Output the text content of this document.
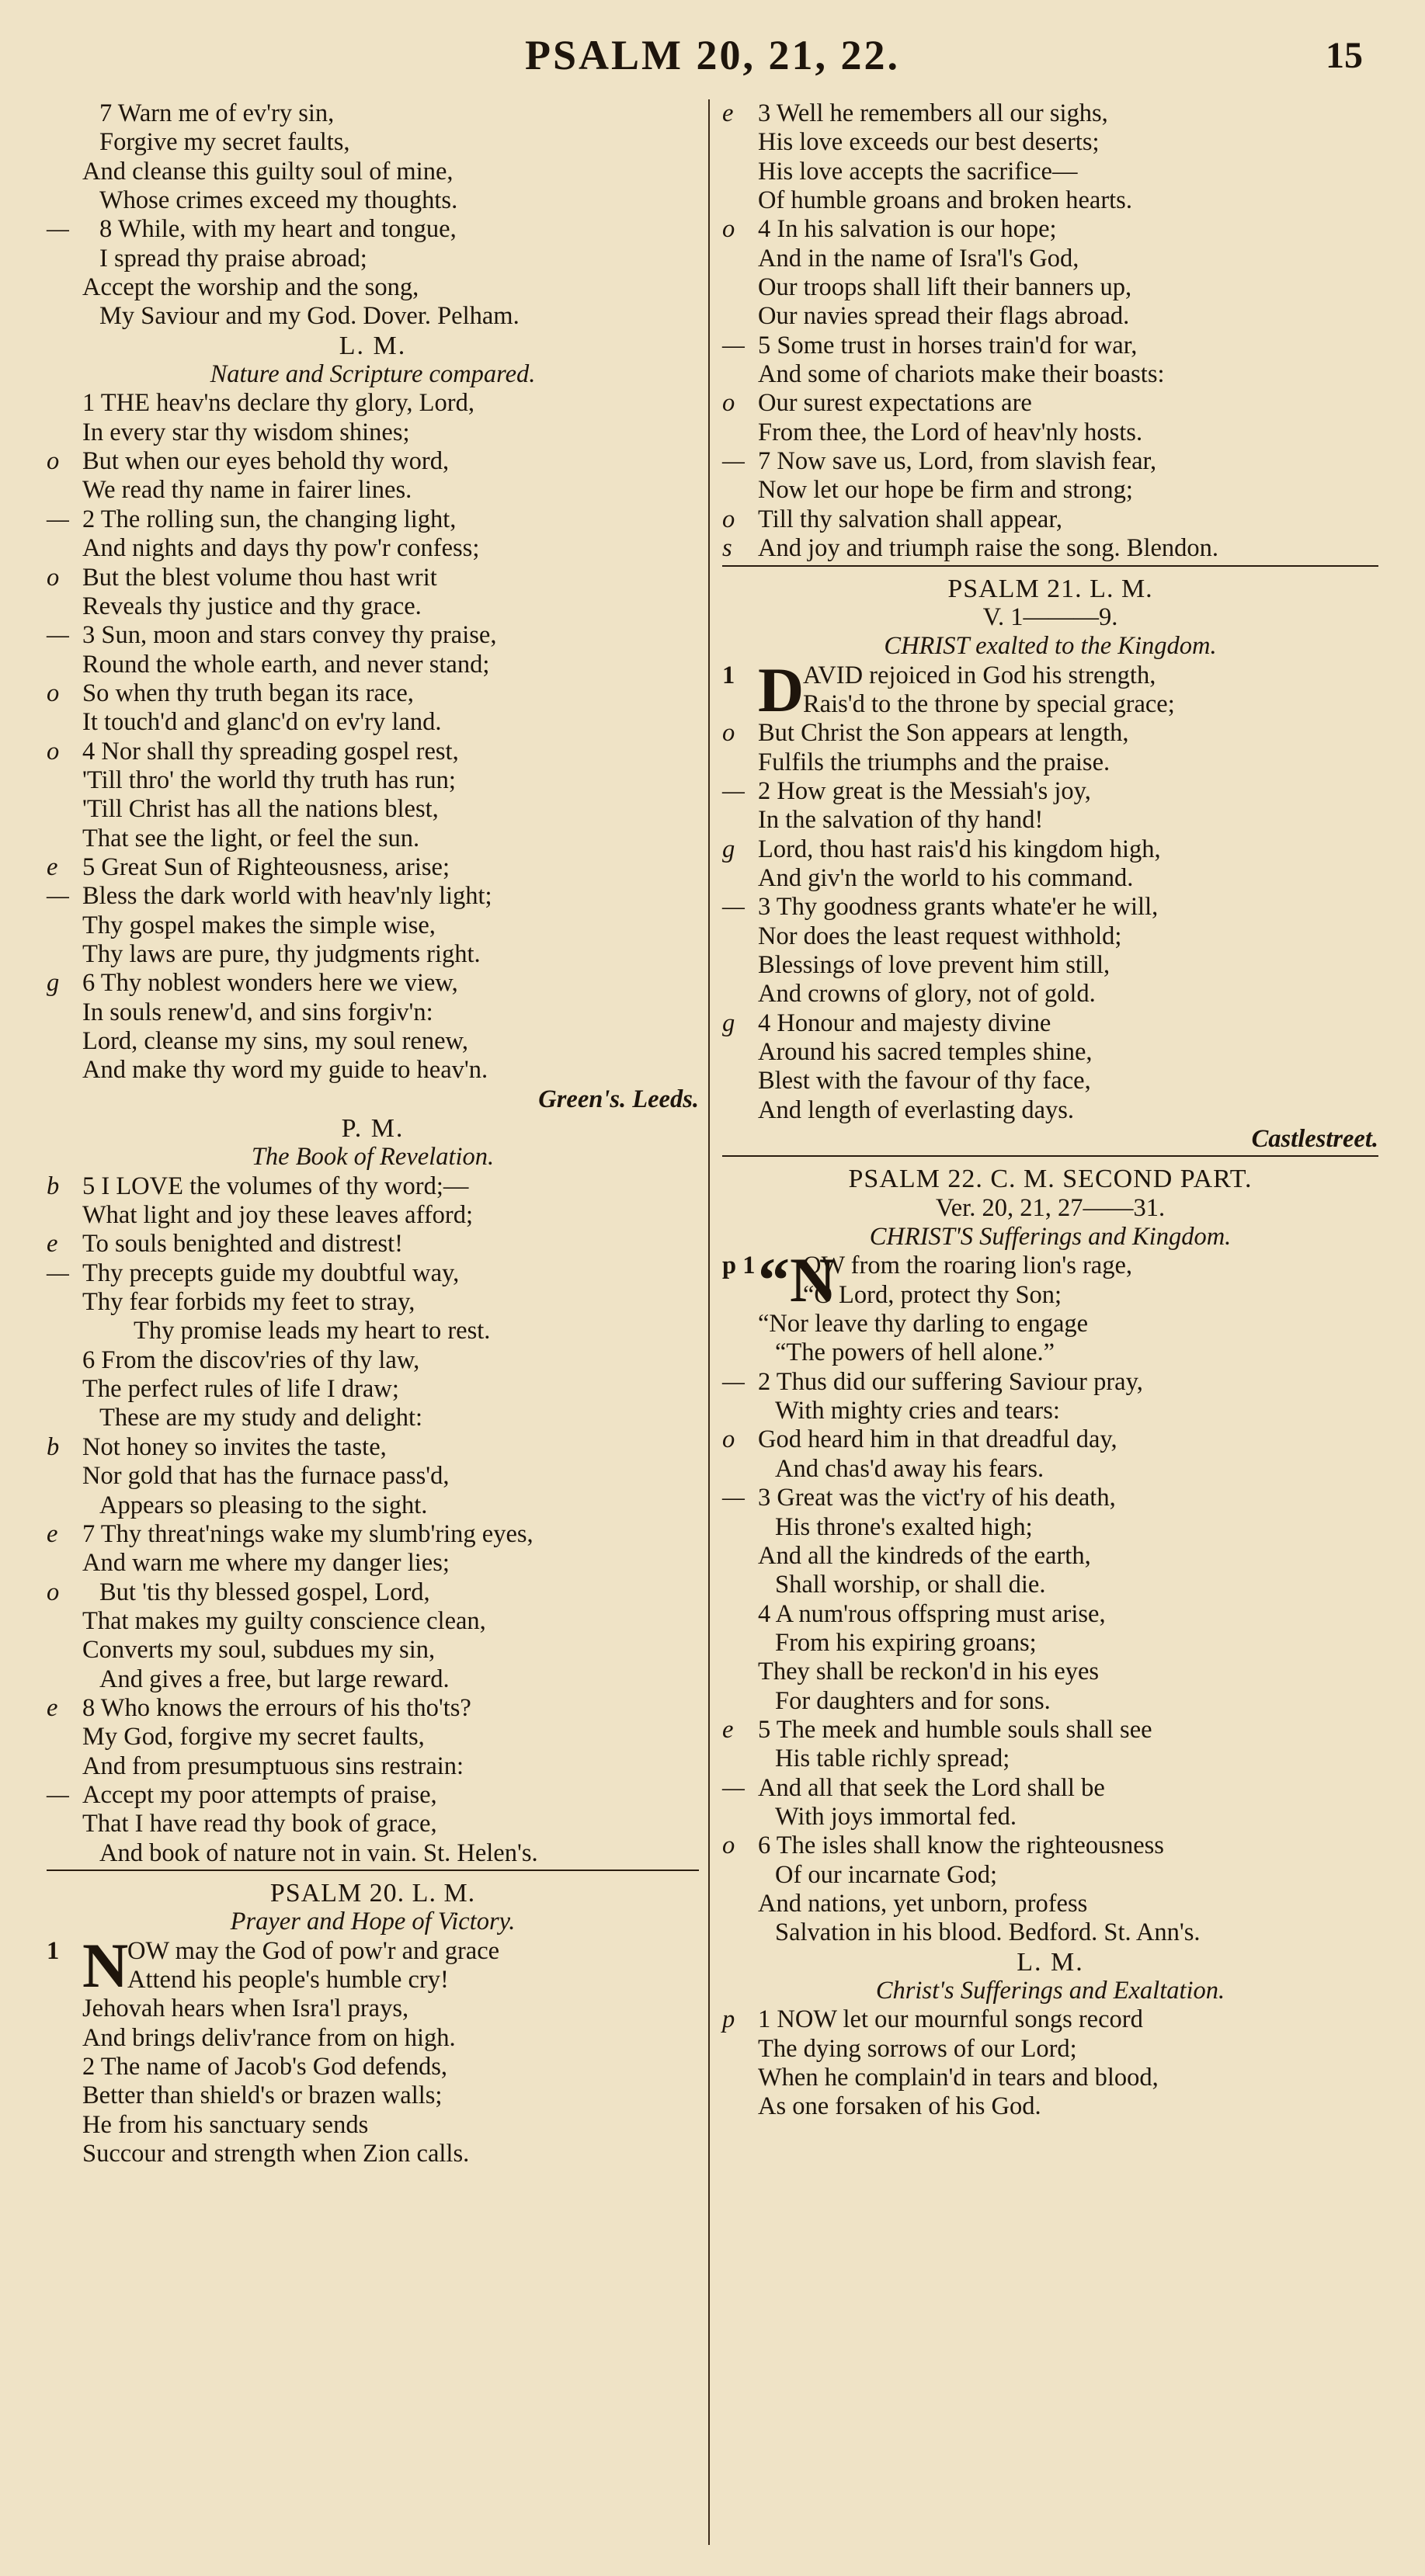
PSALM 20, 21, 22.	15
7 Warn me of ev'ry sin,
Forgive my secret faults,
And cleanse this guilty soul of mine,
Whose crimes exceed my thoughts.
— 8 While, with my heart and tongue,
I spread thy praise abroad;
Accept the worship and the song,
My Saviour and my God. Dover. Pelham.
L. M.
Nature and Scripture compared.
1 THE heav'ns declare thy glory, Lord,
In every star thy wisdom shines;
o But when our eyes behold thy word,
We read thy name in fairer lines.
— 2 The rolling sun, the changing light,
And nights and days thy pow'r confess;
o But the blest volume thou hast writ
Reveals thy justice and thy grace.
— 3 Sun, moon and stars convey thy praise,
Round the whole earth, and never stand;
o So when thy truth began its race,
It touch'd and glanc'd on ev'ry land.
o 4 Nor shall thy spreading gospel rest,
'Till thro' the world thy truth has run;
'Till Christ has all the nations blest,
That see the light, or feel the sun.
e 5 Great Sun of Righteousness, arise;
— Bless the dark world with heav'nly light;
Thy gospel makes the simple wise,
Thy laws are pure, thy judgments right.
g 6 Thy noblest wonders here we view,
In souls renew'd, and sins forgiv'n:
Lord, cleanse my sins, my soul renew,
And make thy word my guide to heav'n.
Green's. Leeds.
P. M.
The Book of Revelation.
b 5 I LOVE the volumes of thy word;—
What light and joy these leaves afford;
e To souls benighted and distrest!
— Thy precepts guide my doubtful way,
Thy fear forbids my feet to stray,
Thy promise leads my heart to rest.
6 From the discov'ries of thy law,
The perfect rules of life I draw;
These are my study and delight:
b Not honey so invites the taste,
Nor gold that has the furnace pass'd,
Appears so pleasing to the sight.
e 7 Thy threat'nings wake my slumb'ring eyes,
And warn me where my danger lies;
o	But 'tis thy blessed gospel, Lord,
That makes my guilty conscience clean,
Converts my soul, subdues my sin,
And gives a free, but large reward.
e 8 Who knows the errours of his tho'ts?
My God, forgive my secret faults,
And from presumptuous sins restrain:
— Accept my poor attempts of praise,
That I have read thy book of grace,
And book of nature not in vain. St. Helen's.
PSALM 20. L. M.
Prayer and Hope of Victory.
1 N
OW may the God of pow'r and grace
Attend his people's humble cry!
Jehovah hears when Isra'l prays,
And brings deliv'rance from on high.
2 The name of Jacob's God defends,
Better than shield's or brazen walls;
He from his sanctuary sends
Succour and strength when Zion calls.
e 3 Well he remembers all our sighs,
His love exceeds our best deserts;
His love accepts the sacrifice—
Of humble groans and broken hearts.
o 4 In his salvation is our hope;
And in the name of Isra'l's God,
Our troops shall lift their banners up,
Our navies spread their flags abroad.
— 5 Some trust in horses train'd for war,
And some of chariots make their boasts:
o Our surest expectations are
From thee, the Lord of heav'nly hosts.
— 7 Now save us, Lord, from slavish fear,
Now let our hope be firm and strong;
o Till thy salvation shall appear,
s	And joy and triumph raise the song. Blendon.
PSALM 21. L. M.
V. 1———9.
CHRIST exalted to the Kingdom.
1 D
AVID rejoiced in God his strength,
Rais'd to the throne by special grace;
o But Christ the Son appears at length,
Fulfils the triumphs and the praise.
— 2 How great is the Messiah's joy,
In the salvation of thy hand!
g Lord, thou hast rais'd his kingdom high,
And giv'n the world to his command.
— 3 Thy goodness grants whate'er he will,
Nor does the least request withhold;
Blessings of love prevent him still,
And crowns of glory, not of gold.
g 4 Honour and majesty divine
Around his sacred temples shine,
Blest with the favour of thy face,
And length of everlasting days.
Castlestreet.
PSALM 22. C. M. SECOND PART.
Ver. 20, 21, 27——31.
CHRIST'S Sufferings and Kingdom.
p 1 “N
OW from the roaring lion's rage,
“O Lord, protect thy Son;
“Nor leave thy darling to engage
“The powers of hell alone.”
— 2 Thus did our suffering Saviour pray,
With mighty cries and tears:
o God heard him in that dreadful day,
And chas'd away his fears.
— 3 Great was the vict'ry of his death,
His throne's exalted high;
And all the kindreds of the earth,
Shall worship, or shall die.
4 A num'rous offspring must arise,
From his expiring groans;
They shall be reckon'd in his eyes
For daughters and for sons.
e 5 The meek and humble souls shall see
His table richly spread;
— And all that seek the Lord shall be
With joys immortal fed.
o 6 The isles shall know the righteousness
Of our incarnate God;
And nations, yet unborn, profess
Salvation in his blood. Bedford. St. Ann's.
L. M.
Christ's Sufferings and Exaltation.
p 1 NOW let our mournful songs record
The dying sorrows of our Lord;
When he complain'd in tears and blood,
As one forsaken of his God.
